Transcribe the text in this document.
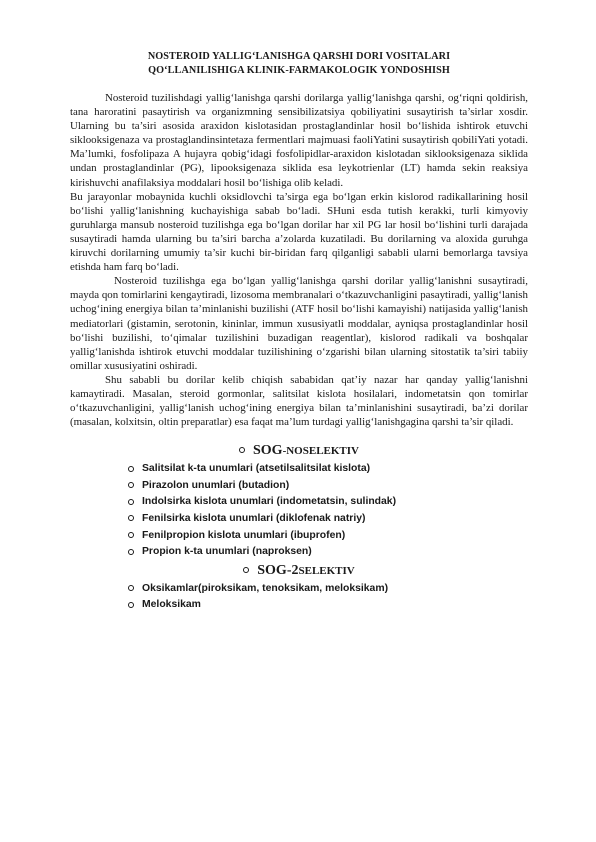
NOSTEROID YALLIG‘LANISHGA QARSHI DORI VOSITALARI
QO‘LLANILISHIGA KLINIK-FARMAKOLOGIK YONDOSHISH

Nosteroid tuzilishdagi yallig‘lanishga qarshi dorilarga yallig‘lanishga qarshi, og‘riqni qoldirish, tana haroratini pasaytirish va organizmning sensibilizatsiya qobiliyatini susaytirish ta’sirlar xosdir. Ularning bu ta’siri asosida araxidon kislotasidan prostaglandinlar hosil bo‘lishida ishtirok etuvchi siklooksigenaza va prostaglandinsintetaza fermentlari majmuasi faoliYatini susaytirish qobiliYati yotadi. Ma’lumki, fosfolipaza A hujayra qobig‘idagi fosfolipidlar-araxidon kislotadan siklooksigenaza siklida undan prostaglandinlar (PG), lipooksigenaza siklida esa leykotrienlar (LT) hamda sekin reaksiya kirishuvchi anafilaksiya moddalari hosil bo‘lishiga olib keladi.

Bu jarayonlar mobaynida kuchli oksidlovchi ta’sirga ega bo‘lgan erkin kislorod radikallarining hosil bo‘lishi yallig‘lanishning kuchayishiga sabab bo‘ladi. SHuni esda tutish kerakki, turli kimyoviy guruhlarga mansub nosteroid tuzilishga ega bo‘lgan dorilar har xil PG lar hosil bo‘lishini turli darajada susaytiradi hamda ularning bu ta’siri barcha a’zolarda kuzatiladi. Bu dorilarning va aloxida guruhga kiruvchi dorilarning umumiy ta’sir kuchi bir-biridan farq qilganligi sababli ularni bemorlarga tavsiya etishda ham farq bo‘ladi.

Nosteroid tuzilishga ega bo‘lgan yallig‘lanishga qarshi dorilar yallig‘lanishni susaytiradi, mayda qon tomirlarini kengaytiradi, lizosoma membranalari o‘tkazuvchanligini pasaytiradi, yallig‘lanish uchog‘ining energiya bilan ta’minlanishi buzilishi (ATF hosil bo‘lishi kamayishi) natijasida yallig‘lanish mediatorlari (gistamin, serotonin, kininlar, immun xususiyatli moddalar, ayniqsa prostaglandinlar hosil bo‘lishi buzilishi, to‘qimalar tuzilishini buzadigan reagentlar), kislorod radikali va boshqalar yallig‘lanishda ishtirok etuvchi moddalar tuzilishining o‘zgarishi bilan ularning sitostatik ta’siri tabiiy omillar xususiyatini oshiradi.

Shu sababli bu dorilar kelib chiqish sababidan qat’iy nazar har qanday yallig‘lanishni kamaytiradi. Masalan, steroid gormonlar, salitsilat kislota hosilalari, indometatsin qon tomirlar o‘tkazuvchanligini, yallig‘lanish uchog‘ining energiya bilan ta’minlanishini susaytiradi, ba’zi dorilar (masalan, kolxitsin, oltin preparatlar) esa faqat ma’lum turdagi yallig‘lanishgagina qarshi ta’sir qiladi.

SOG -NOSELEKTIV
Salitsilat k-ta unumlari (atsetilsalitsilat kislota)
Pirazolon unumlari (butadion)
Indolsirka kislota unumlari (indometatsin, sulindak)
Fenilsirka kislota unumlari (diklofenak natriy)
Fenilpropion kislota unumlari (ibuprofen)
Propion k-ta unumlari (naproksen)
SOG-2 SELEKTIV
Oksikamlar(piroksikam, tenoksikam, meloksikam)
Meloksikam
